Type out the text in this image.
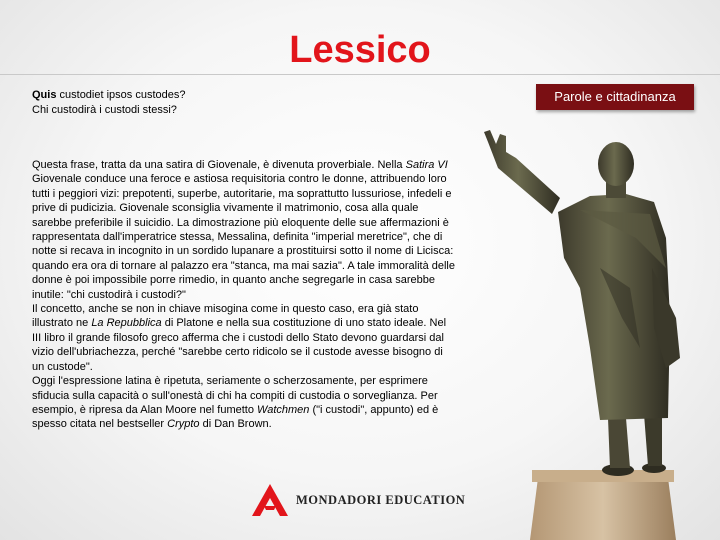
Lessico
Parole e cittadinanza
Quis custodiet ipsos custodes?
Chi custodirà i custodi stessi?

Questa frase, tratta da una satira di Giovenale, è divenuta proverbiale. Nella Satira VI Giovenale conduce una feroce e astiosa requisitoria contro le donne, attribuendo loro tutti i peggiori vizi: prepotenti, superbe, autoritarie, ma soprattutto lussuriose, infedeli e prive di pudicizia. Giovenale sconsiglia vivamente il matrimonio, cosa alla quale sarebbe preferibile il suicidio. La dimostrazione più eloquente delle sue affermazioni è rappresentata dall'imperatrice stessa, Messalina, definita "imperial meretrice", che di notte si recava in incognito in un sordido lupanare a prostituirsi sotto il nome di Licisca: quando era ora di tornare al palazzo era "stanca, ma mai sazia". A tale immoralità delle donne è poi impossibile porre rimedio, in quanto anche segregarle in casa sarebbe inutile: "chi custodirà i custodi?"

Il concetto, anche se non in chiave misogina come in questo caso, era già stato illustrato ne La Repubblica di Platone e nella sua costituzione di uno stato ideale. Nel III libro il grande filosofo greco afferma che i custodi dello Stato devono guardarsi dal vizio dell'ubriachezza, perché "sarebbe certo ridicolo se il custode avesse bisogno di un custode".

Oggi l'espressione latina è ripetuta, seriamente o scherzosamente, per esprimere sfiducia sulla capacità o sull'onestà di chi ha compiti di custodia o sorveglianza. Per esempio, è ripresa da Alan Moore nel fumetto Watchmen ("i custodi", appunto) ed è spesso citata nel bestseller Crypto di Dan Brown.

MONDADORI EDUCATION
